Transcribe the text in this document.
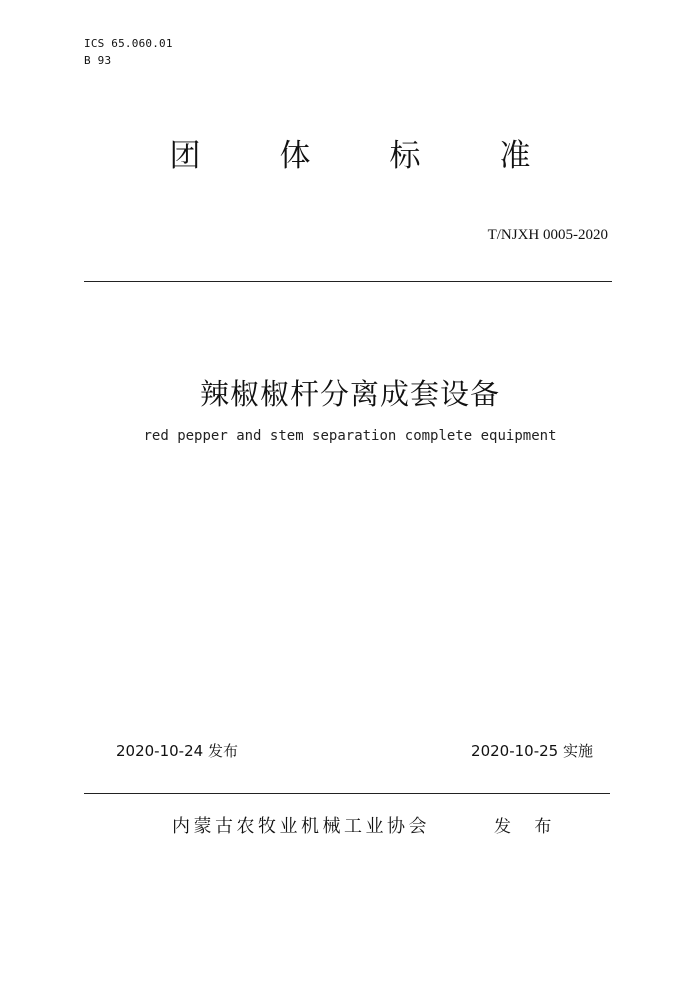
ICS 65.060.01
B 93
团	体	标	准
T/NJXH 0005-2020
辣椒椒杆分离成套设备
red pepper and stem separation complete equipment
2020-10-24 发布	2020-10-25 实施
内蒙古农牧业机械工业协会	发 布
